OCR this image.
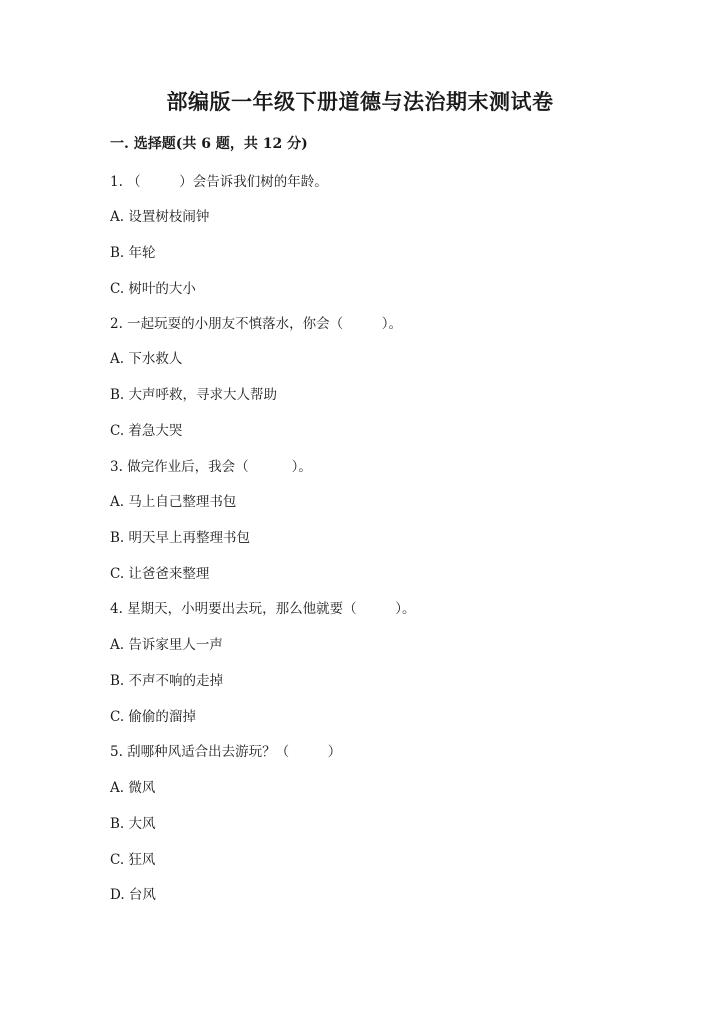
部编版一年级下册道德与法治期末测试卷
一. 选择题(共 6 题，共 12 分)
1. （         ）会告诉我们树的年龄。
A. 设置树枝闹钟
B. 年轮
C. 树叶的大小
2. 一起玩耍的小朋友不慎落水，你会（         ）。
A. 下水救人
B. 大声呼救，寻求大人帮助
C. 着急大哭
3. 做完作业后，我会（          ）。
A. 马上自己整理书包
B. 明天早上再整理书包
C. 让爸爸来整理
4. 星期天，小明要出去玩，那么他就要（         ）。
A. 告诉家里人一声
B. 不声不响的走掉
C. 偷偷的溜掉
5. 刮哪种风适合出去游玩？（         ）
A. 微风
B. 大风
C. 狂风
D. 台风
